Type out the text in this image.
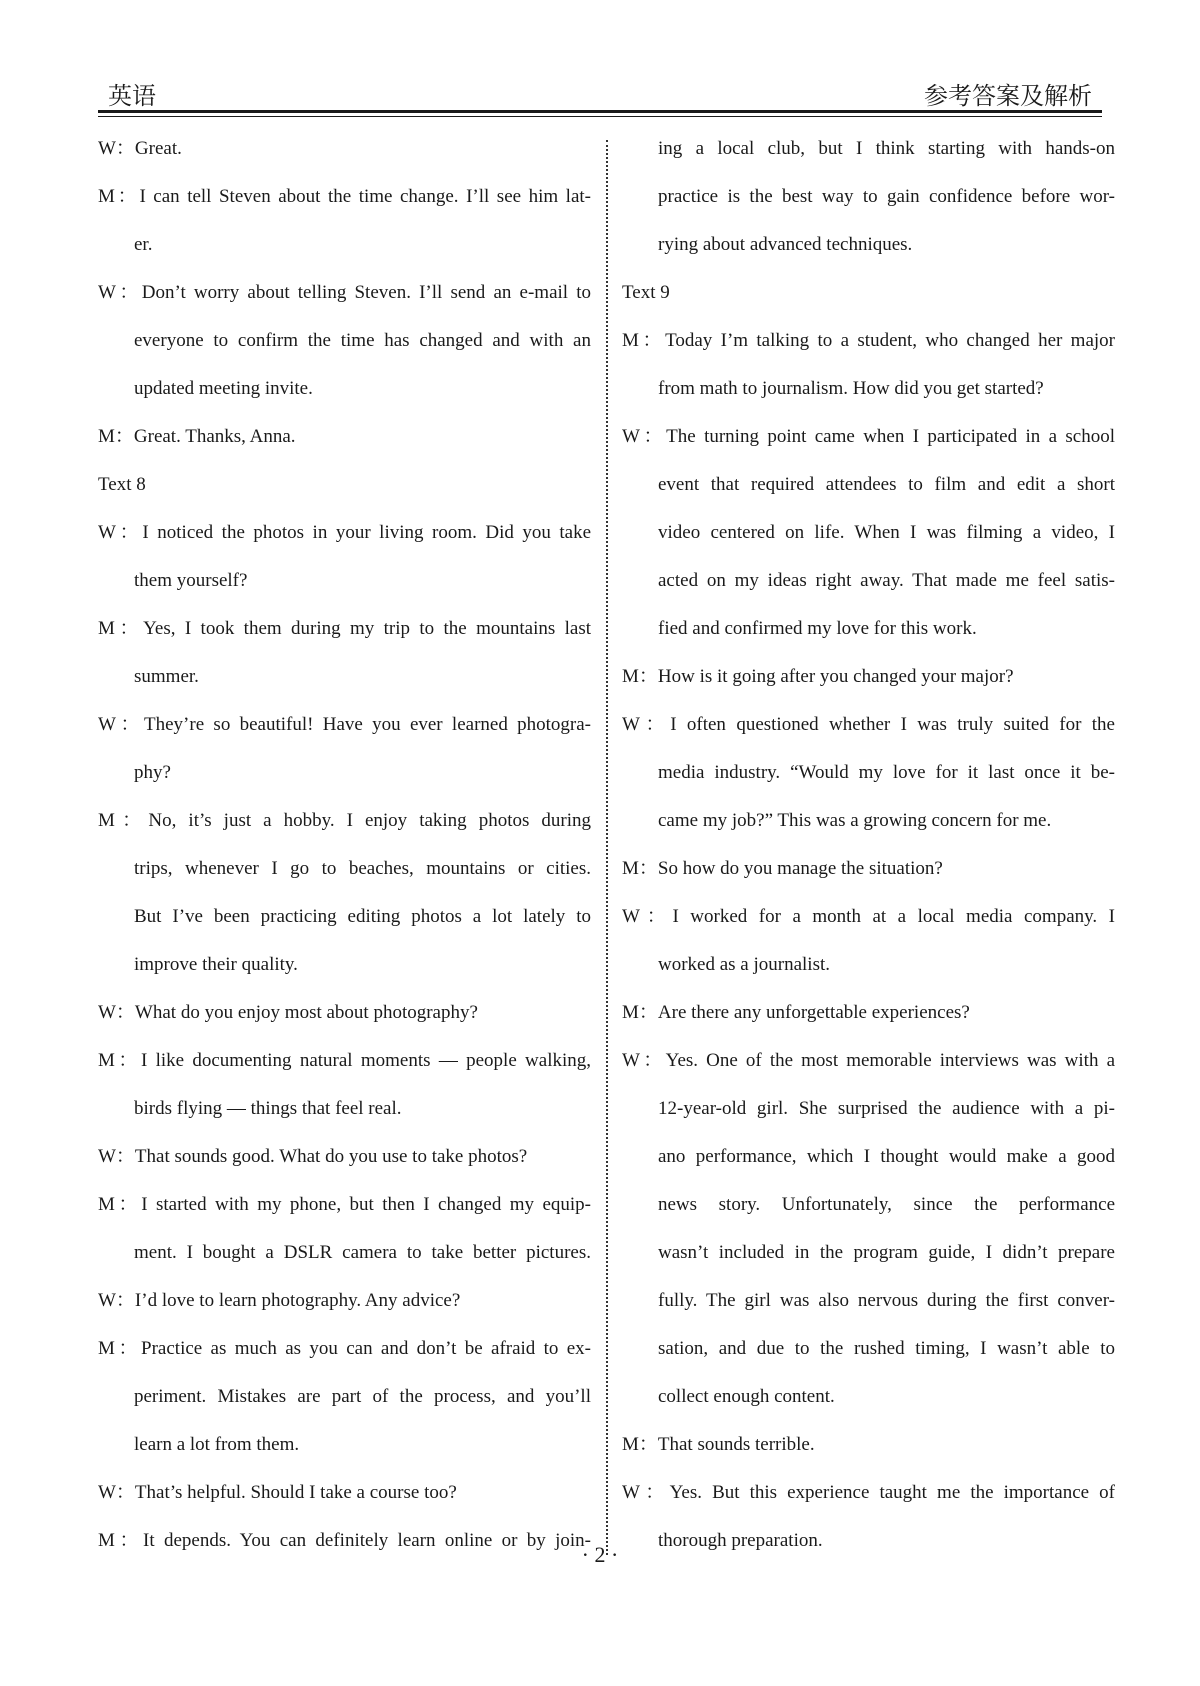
英语	参考答案及解析
W：Great.
M：I can tell Steven about the time change. I’ll see him lat-
er.
W：Don’t worry about telling Steven. I’ll send an e-mail to
everyone to confirm the time has changed and with an
updated meeting invite.
M：Great. Thanks, Anna.
Text 8
W：I noticed the photos in your living room. Did you take
them yourself?
M：Yes, I took them during my trip to the mountains last
summer.
W：They’re so beautiful! Have you ever learned photogra-
phy?
M：No, it’s just a hobby. I enjoy taking photos during
trips, whenever I go to beaches, mountains or cities.
But I’ve been practicing editing photos a lot lately to
improve their quality.
W：What do you enjoy most about photography?
M：I like documenting natural moments — people walking,
birds flying — things that feel real.
W：That sounds good. What do you use to take photos?
M：I started with my phone, but then I changed my equip-
ment. I bought a DSLR camera to take better pictures.
W：I’d love to learn photography. Any advice?
M：Practice as much as you can and don’t be afraid to ex-
periment. Mistakes are part of the process, and you’ll
learn a lot from them.
W：That’s helpful. Should I take a course too?
M：It depends. You can definitely learn online or by join-
ing a local club, but I think starting with hands-on
practice is the best way to gain confidence before wor-
rying about advanced techniques.
Text 9
M：Today I’m talking to a student, who changed her major
from math to journalism. How did you get started?
W：The turning point came when I participated in a school
event that required attendees to film and edit a short
video centered on life. When I was filming a video, I
acted on my ideas right away. That made me feel satis-
fied and confirmed my love for this work.
M：How is it going after you changed your major?
W：I often questioned whether I was truly suited for the
media industry. “Would my love for it last once it be-
came my job?” This was a growing concern for me.
M：So how do you manage the situation?
W：I worked for a month at a local media company. I
worked as a journalist.
M：Are there any unforgettable experiences?
W：Yes. One of the most memorable interviews was with a
12-year-old girl. She surprised the audience with a pi-
ano performance, which I thought would make a good
news story. Unfortunately, since the performance
wasn’t included in the program guide, I didn’t prepare
fully. The girl was also nervous during the first conver-
sation, and due to the rushed timing, I wasn’t able to
collect enough content.
M：That sounds terrible.
W：Yes. But this experience taught me the importance of
thorough preparation.
· 2 ·
